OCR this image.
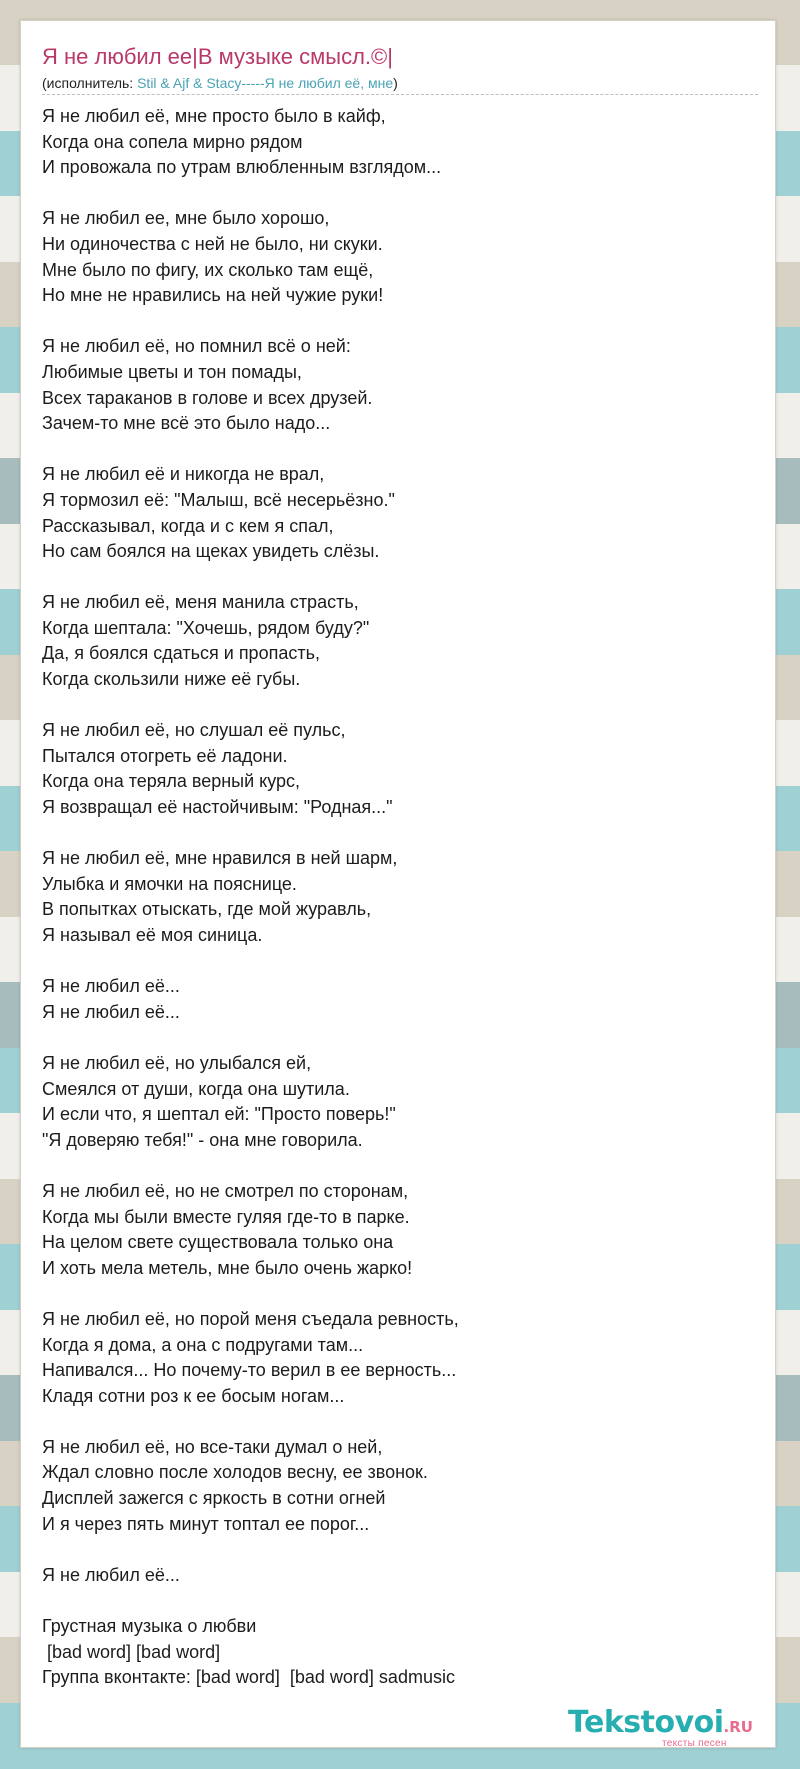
Я не любил ее|В музыке смысл.©|
(исполнитель: Stil & Ajf & Stacy-----Я не любил её, мне)
Я не любил её, мне просто было в кайф,
Когда она сопела мирно рядом
И провожала по утрам влюбленным взглядом...
Я не любил ее, мне было хорошо,
Ни одиночества с ней не было, ни скуки.
Мне было по фигу, их сколько там ещё,
Но мне не нравились на ней чужие руки!
Я не любил её, но помнил всё о ней:
Любимые цветы и тон помады,
Всех тараканов в голове и всех друзей.
Зачем-то мне всё это было надо...
Я не любил её и никогда не врал,
Я тормозил её: "Малыш, всё несерьёзно."
Рассказывал, когда и с кем я спал,
Но сам боялся на щеках увидеть слёзы.
Я не любил её, меня манила страсть,
Когда шептала: "Хочешь, рядом буду?"
Да, я боялся сдаться и пропасть,
Когда скользили ниже её губы.
Я не любил её, но слушал её пульс,
Пытался отогреть её ладони.
Когда она теряла верный курс,
Я возвращал её настойчивым: "Родная..."
Я не любил её, мне нравился в ней шарм,
Улыбка и ямочки на пояснице.
В попытках отыскать, где мой журавль,
Я называл её моя синица.
Я не любил её...
Я не любил её...
Я не любил её, но улыбался ей,
Смеялся от души, когда она шутила.
И если что, я шептал ей: "Просто поверь!"
"Я доверяю тебя!" - она мне говорила.
Я не любил её, но не смотрел по сторонам,
Когда мы были вместе гуляя где-то в парке.
На целом свете существовала только она
И хоть мела метель, мне было очень жарко!
Я не любил её, но порой меня съедала ревность,
Когда я дома, а она с подругами там...
Напивался... Но почему-то верил в ее верность...
Кладя сотни роз к ее босым ногам...
Я не любил её, но все-таки думал о ней,
Ждал словно после холодов весну, ее звонок.
Дисплей зажегся с яркость в сотни огней
И я через пять минут топтал ее порог...
Я не любил её...
Грустная музыка о любви
[bad word] [bad word]
Группа вконтакте: [bad word]  [bad word] sadmusic
Tekstovoi.RU
тексты песен
